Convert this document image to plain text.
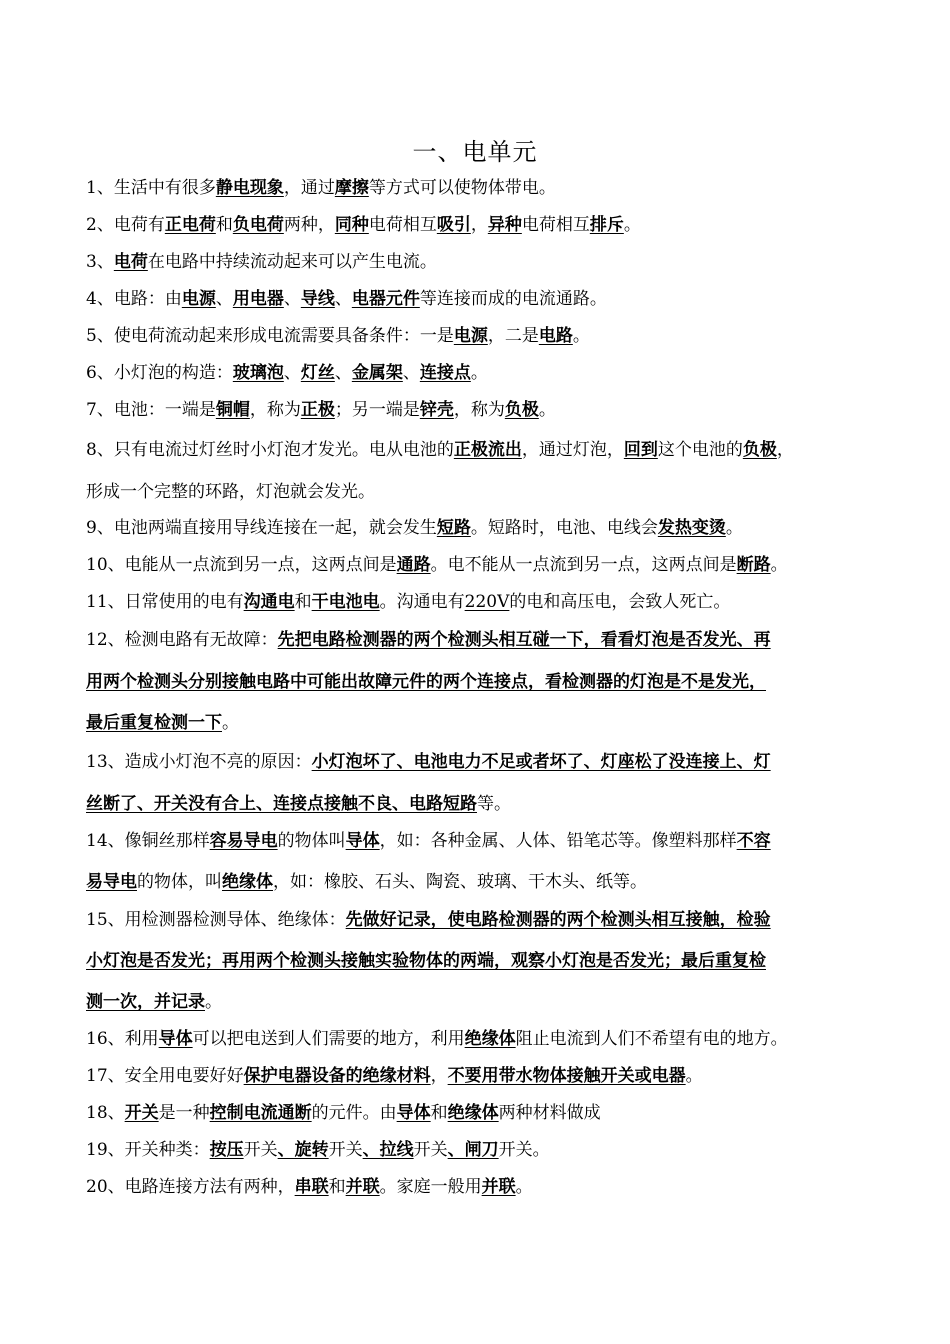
一、电单元
1、生活中有很多静电现象，通过摩擦等方式可以使物体带电。
2、电荷有正电荷和负电荷两种，同种电荷相互吸引，异种电荷相互排斥。
3、电荷在电路中持续流动起来可以产生电流。
4、电路：由电源、用电器、导线、电器元件等连接而成的电流通路。
5、使电荷流动起来形成电流需要具备条件：一是电源，二是电路。
6、小灯泡的构造：玻璃泡、灯丝、金属架、连接点。
7、电池：一端是铜帽，称为正极；另一端是锌壳，称为负极。
8、只有电流过灯丝时小灯泡才发光。电从电池的正极流出，通过灯泡，回到这个电池的负极，
形成一个完整的环路，灯泡就会发光。
9、电池两端直接用导线连接在一起，就会发生短路。短路时，电池、电线会发热变烫。
10、电能从一点流到另一点，这两点间是通路。电不能从一点流到另一点，这两点间是断路。
11、日常使用的电有沟通电和干电池电。沟通电有220V的电和高压电，会致人死亡。
12、检测电路有无故障：先把电路检测器的两个检测头相互碰一下，看看灯泡是否发光、再
用两个检测头分别接触电路中可能出故障元件的两个连接点，看检测器的灯泡是不是发光，
最后重复检测一下。
13、造成小灯泡不亮的原因：小灯泡坏了、电池电力不足或者坏了、灯座松了没连接上、灯
丝断了、开关没有合上、连接点接触不良、电路短路等。
14、像铜丝那样容易导电的物体叫导体，如：各种金属、人体、铅笔芯等。像塑料那样不容
易导电的物体，叫绝缘体，如：橡胶、石头、陶瓷、玻璃、干木头、纸等。
15、用检测器检测导体、绝缘体：先做好记录，使电路检测器的两个检测头相互接触，检验
小灯泡是否发光；再用两个检测头接触实验物体的两端，观察小灯泡是否发光；最后重复检
测一次，并记录。
16、利用导体可以把电送到人们需要的地方，利用绝缘体阻止电流到人们不希望有电的地方。
17、安全用电要好好保护电器设备的绝缘材料，不要用带水物体接触开关或电器。
18、开关是一种控制电流通断的元件。由导体和绝缘体两种材料做成
19、开关种类：按压开关、旋转开关、拉线开关、闸刀开关。
20、电路连接方法有两种，串联和并联。家庭一般用并联。
